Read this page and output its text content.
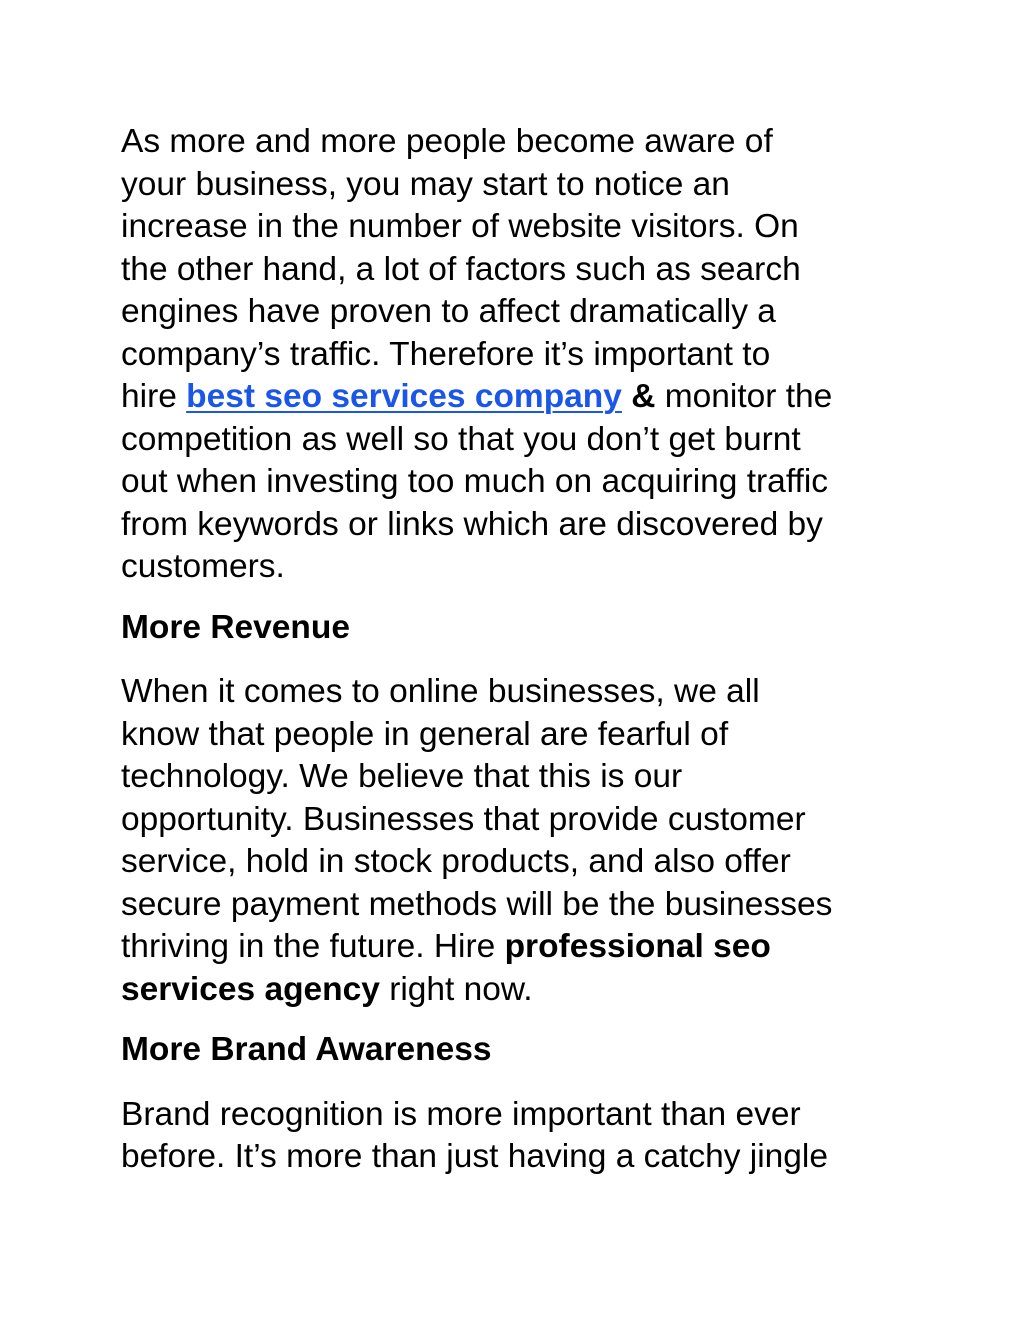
As more and more people become aware of
your business, you may start to notice an
increase in the number of website visitors. On
the other hand, a lot of factors such as search
engines have proven to affect dramatically a
company’s traffic. Therefore it’s important to
hire best seo services company & monitor the
competition as well so that you don’t get burnt
out when investing too much on acquiring traffic
from keywords or links which are discovered by
customers.
More Revenue
When it comes to online businesses, we all
know that people in general are fearful of
technology. We believe that this is our
opportunity. Businesses that provide customer
service, hold in stock products, and also offer
secure payment methods will be the businesses
thriving in the future. Hire professional seo
services agency right now.
More Brand Awareness
Brand recognition is more important than ever
before. It’s more than just having a catchy jingle
